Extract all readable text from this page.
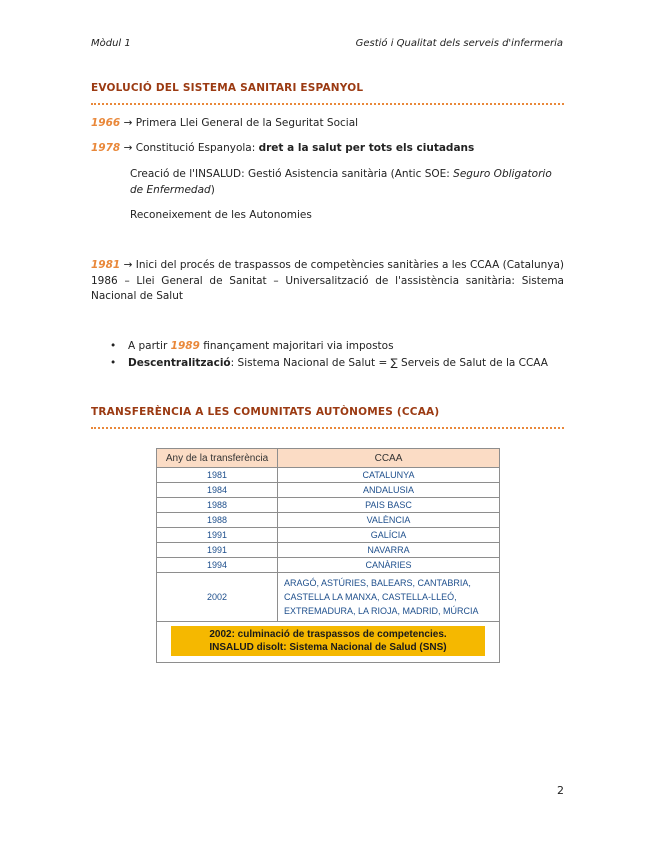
Mòdul 1	Gestió i Qualitat dels serveis d'infermeria
EVOLUCIÓ DEL SISTEMA SANITARI ESPANYOL
1966 → Primera Llei General de la Seguritat Social
1978 → Constitució Espanyola: dret a la salut per tots els ciutadans
Creació de l'INSALUD: Gestió Asistencia sanitària (Antic SOE: Seguro Obligatorio de Enfermedad)
Reconeixement de les Autonomies
1981 → Inici del procés de traspassos de competències sanitàries a les CCAA (Catalunya) 1986 – Llei General de Sanitat – Universalització de l'assistència sanitària: Sistema Nacional de Salut
• A partir 1989 finançament majoritari via impostos
• Descentralització: Sistema Nacional de Salut = ∑ Serveis de Salut de la CCAA
TRANSFERÈNCIA A LES COMUNITATS AUTÒNOMES (CCAA)
Any de la transferència	CCAA
1981	CATALUNYA
1984	ANDALUSIA
1988	PAIS BASC
1988	VALÈNCIA
1991	GALÍCIA
1991	NAVARRA
1994	CANÀRIES
2002	ARAGÓ, ASTÚRIES, BALEARS, CANTABRIA,
CASTELLA LA MANXA, CASTELLA-LLEÓ,
EXTREMADURA, LA RIOJA, MADRID, MÚRCIA

2002: culminació de traspassos de competencies.
INSALUD disolt: Sistema Nacional de Salud (SNS)	
2
